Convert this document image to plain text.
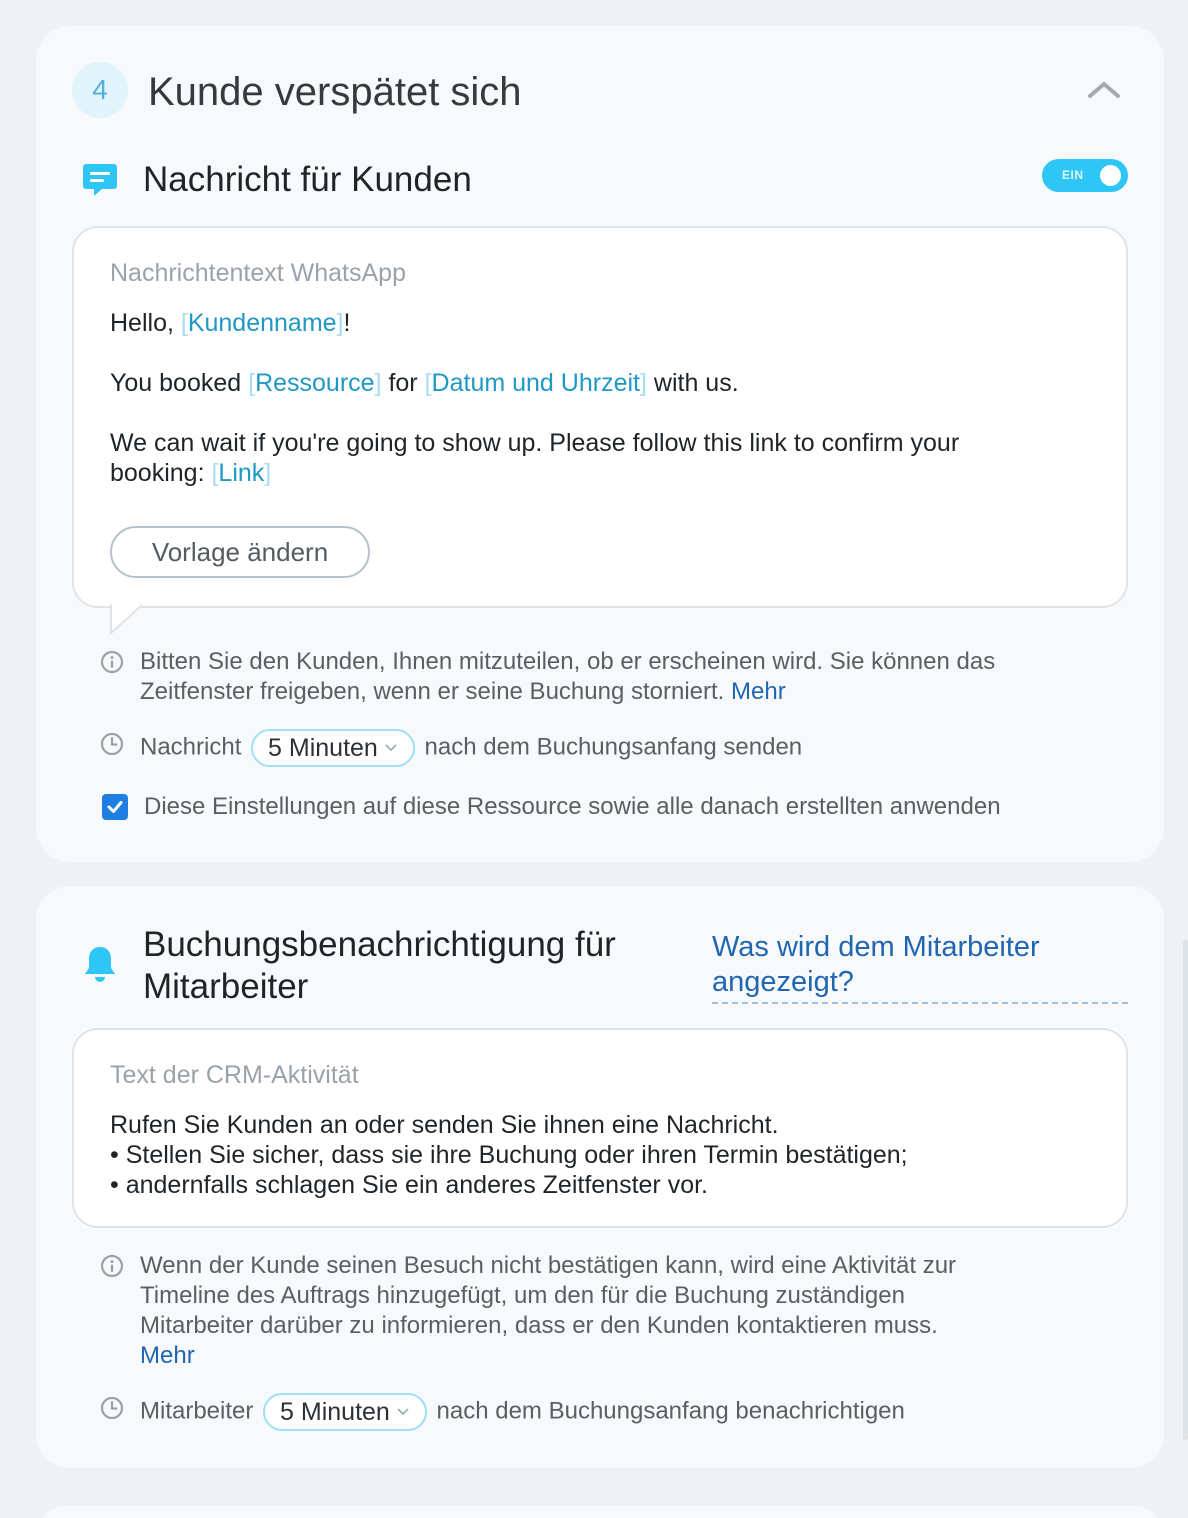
4	Kunde verspätet sich
Nachricht für Kunden	EIN
Nachrichtentext WhatsApp

Hello, [Kundenname]!

You booked [Ressource] for [Datum und Uhrzeit] with us.

We can wait if you're going to show up. Please follow this link to confirm your
booking: [Link]

Vorlage ändern
Bitten Sie den Kunden, Ihnen mitzuteilen, ob er erscheinen wird. Sie können das
Zeitfenster freigeben, wenn er seine Buchung storniert. Mehr
Nachricht 5 Minuten nach dem Buchungsanfang senden
Diese Einstellungen auf diese Ressource sowie alle danach erstellten anwenden
Buchungsbenachrichtigung für
Mitarbeiter
Was wird dem Mitarbeiter
angezeigt?
Text der CRM-Aktivität
Rufen Sie Kunden an oder senden Sie ihnen eine Nachricht.
• Stellen Sie sicher, dass sie ihre Buchung oder ihren Termin bestätigen;
• andernfalls schlagen Sie ein anderes Zeitfenster vor.
Wenn der Kunde seinen Besuch nicht bestätigen kann, wird eine Aktivität zur
Timeline des Auftrags hinzugefügt, um den für die Buchung zuständigen
Mitarbeiter darüber zu informieren, dass er den Kunden kontaktieren muss.
Mehr
Mitarbeiter 5 Minuten nach dem Buchungsanfang benachrichtigen
